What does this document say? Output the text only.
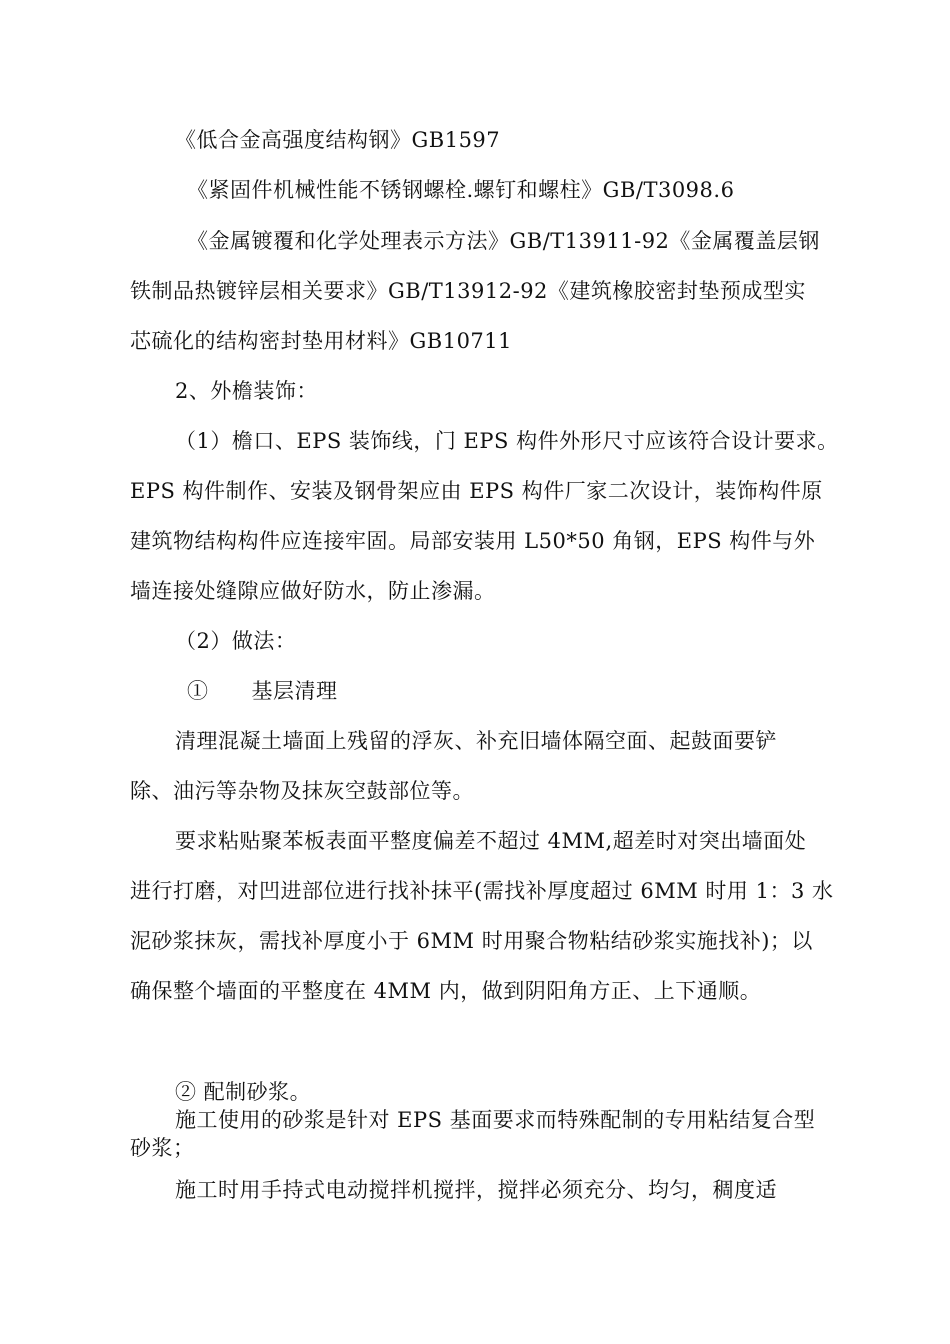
《低合金高强度结构钢》GB1597
《紧固件机械性能不锈钢螺栓.螺钉和螺柱》GB/T3098.6
《金属镀覆和化学处理表示方法》GB/T13911-92《金属覆盖层钢
铁制品热镀锌层相关要求》GB/T13912-92《建筑橡胶密封垫预成型实
芯硫化的结构密封垫用材料》GB10711
2、外檐装饰：
（1）檐口、EPS 装饰线，门 EPS 构件外形尺寸应该符合设计要求。
EPS 构件制作、安装及钢骨架应由 EPS 构件厂家二次设计，装饰构件原
建筑物结构构件应连接牢固。局部安装用 L50*50 角钢，EPS 构件与外
墙连接处缝隙应做好防水，防止渗漏。
（2）做法：
①　　基层清理
清理混凝土墙面上残留的浮灰、补充旧墙体隔空面、起鼓面要铲
除、油污等杂物及抹灰空鼓部位等。
要求粘贴聚苯板表面平整度偏差不超过 4MM,超差时对突出墙面处
进行打磨，对凹进部位进行找补抹平(需找补厚度超过 6MM 时用 1：3 水
泥砂浆抹灰，需找补厚度小于 6MM 时用聚合物粘结砂浆实施找补)；以
确保整个墙面的平整度在 4MM 内，做到阴阳角方正、上下通顺。
② 配制砂浆。
施工使用的砂浆是针对 EPS 基面要求而特殊配制的专用粘结复合型
砂浆；
施工时用手持式电动搅拌机搅拌，搅拌必须充分、均匀，稠度适
